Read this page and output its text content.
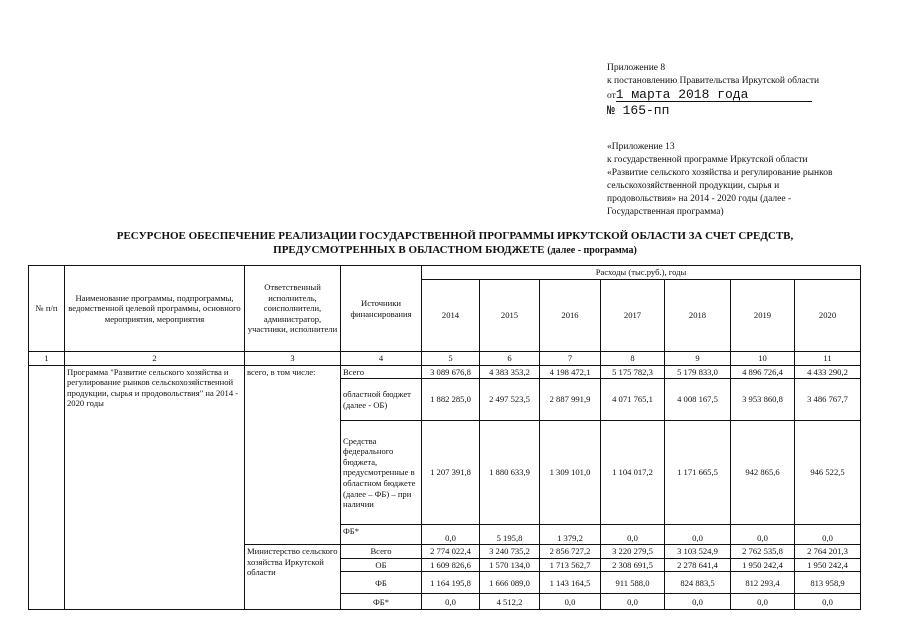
Приложение 8
к постановлению Правительства Иркутской области
от1 марта 2018 года
№ 165-пп
«Приложение 13
к государственной программе Иркутской области
«Развитие сельского хозяйства и регулирование рынков
сельскохозяйственной продукции, сырья и
продовольствия» на 2014 - 2020 годы (далее -
Государственная программа)
РЕСУРСНОЕ ОБЕСПЕЧЕНИЕ РЕАЛИЗАЦИИ ГОСУДАРСТВЕННОЙ ПРОГРАММЫ ИРКУТСКОЙ ОБЛАСТИ ЗА СЧЕТ СРЕДСТВ,
ПРЕДУСМОТРЕННЫХ В ОБЛАСТНОМ БЮДЖЕТЕ (далее - программа)
№ п/п	Наименование программы, подпрограммы, ведомственной целевой программы, основного мероприятия, мероприятия	Ответственный исполнитель, соисполнители, администратор, участники, исполнители	Источники финансирования	Расходы (тыс.руб.), годы						
				2014	2015	2016	2017	2018	2019	2020
1	2	3	4	5	6	7	8	9	10	11
	Программа "Развитие сельского хозяйства и регулирование рынков сельскохозяйственной продукции, сырья и продовольствия" на 2014 - 2020 годы	всего, в том числе:	Всего	3 089 676,8	4 383 353,2	4 198 472,1	5 175 782,3	5 179 833,0	4 896 726,4	4 433 290,2
			областной бюджет (далее - ОБ)	1 882 285,0	2 497 523,5	2 887 991,9	4 071 765,1	4 008 167,5	3 953 860,8	3 486 767,7
			Средства федерального бюджета, предусмотренные в областном бюджете (далее – ФБ) – при наличии	1 207 391,8	1 880 633,9	1 309 101,0	1 104 017,2	1 171 665,5	942 865,6	946 522,5
			ФБ*	0,0	5 195,8	1 379,2	0,0	0,0	0,0	0,0
		Министерство сельского хозяйства Иркутской области	Всего	2 774 022,4	3 240 735,2	2 856 727,2	3 220 279,5	3 103 524,9	2 762 535,8	2 764 201,3
			ОБ	1 609 826,6	1 570 134,0	1 713 562,7	2 308 691,5	2 278 641,4	1 950 242,4	1 950 242,4
			ФБ	1 164 195,8	1 666 089,0	1 143 164,5	911 588,0	824 883,5	812 293,4	813 958,9
			ФБ*	0,0	4 512,2	0,0	0,0	0,0	0,0	0,0
